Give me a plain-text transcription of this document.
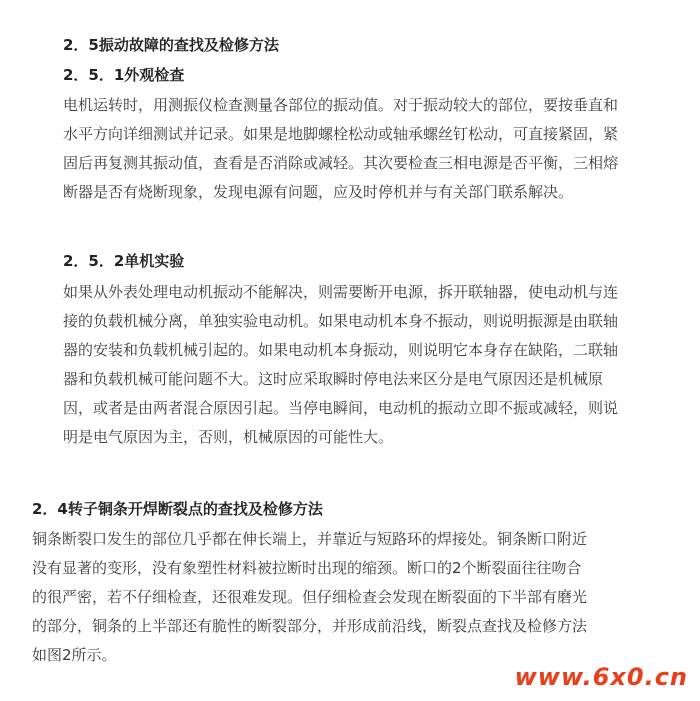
2．5振动故障的查找及检修方法
2．5．1外观检查
电机运转时，用测振仪检查测量各部位的振动值。对于振动较大的部位，要按垂直和
水平方向详细测试并记录。如果是地脚螺栓松动或轴承螺丝钉松动，可直接紧固，紧
固后再复测其振动值，查看是否消除或减轻。其次要检查三相电源是否平衡，三相熔
断器是否有烧断现象，发现电源有问题，应及时停机并与有关部门联系解决。
2．5．2单机实验
如果从外表处理电动机振动不能解决，则需要断开电源，拆开联轴器，使电动机与连
接的负载机械分离，单独实验电动机。如果电动机本身不振动，则说明振源是由联轴
器的安装和负载机械引起的。如果电动机本身振动，则说明它本身存在缺陷，二联轴
器和负载机械可能问题不大。这时应采取瞬时停电法来区分是电气原因还是机械原
因，或者是由两者混合原因引起。当停电瞬间，电动机的振动立即不振或减轻，则说
明是电气原因为主，否则，机械原因的可能性大。
2．4转子铜条开焊断裂点的查找及检修方法
铜条断裂口发生的部位几乎都在伸长端上，并靠近与短路环的焊接处。铜条断口附近
没有显著的变形，没有象塑性材料被拉断时出现的缩颈。断口的2个断裂面往往吻合
的很严密，若不仔细检查，还很难发现。但仔细检查会发现在断裂面的下半部有磨光
的部分，铜条的上半部还有脆性的断裂部分，并形成前沿线，断裂点查找及检修方法
如图2所示。
www.6x0.cn
